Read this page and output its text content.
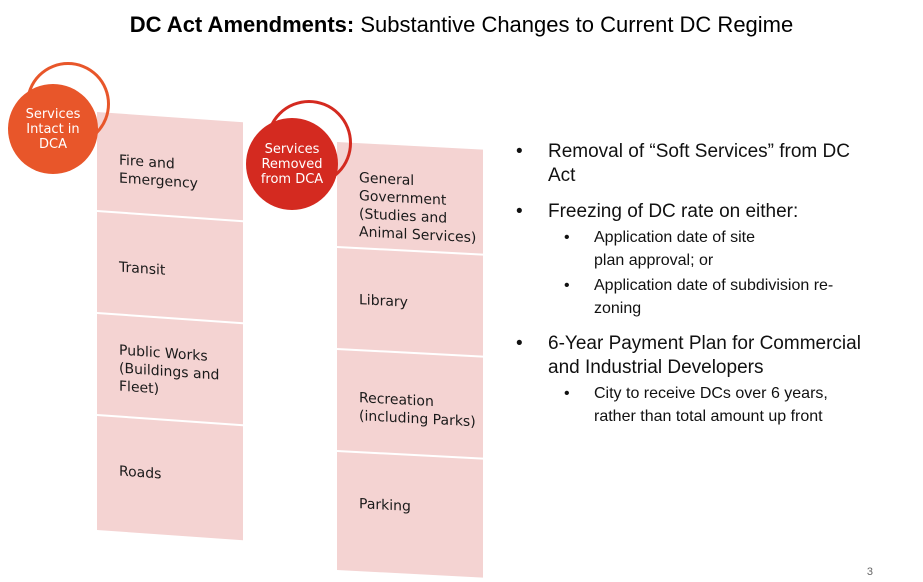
DC Act Amendments: Substantive Changes to Current DC Regime
Fire and
Emergency
Transit
Public Works
(Buildings and
Fleet)
Roads
General
Government
(Studies and
Animal Services)
Library
Recreation
(including Parks)
Parking
Services
Intact in
DCA	Services
Removed
from DCA
• Removal of “Soft Services” from DC
Act
• Freezing of DC rate on either:
• Application date of site
plan approval; or
• Application date of subdivision re-
zoning
• 6-Year Payment Plan for Commercial
and Industrial Developers
• City to receive DCs over 6 years,
rather than total amount up front
3
